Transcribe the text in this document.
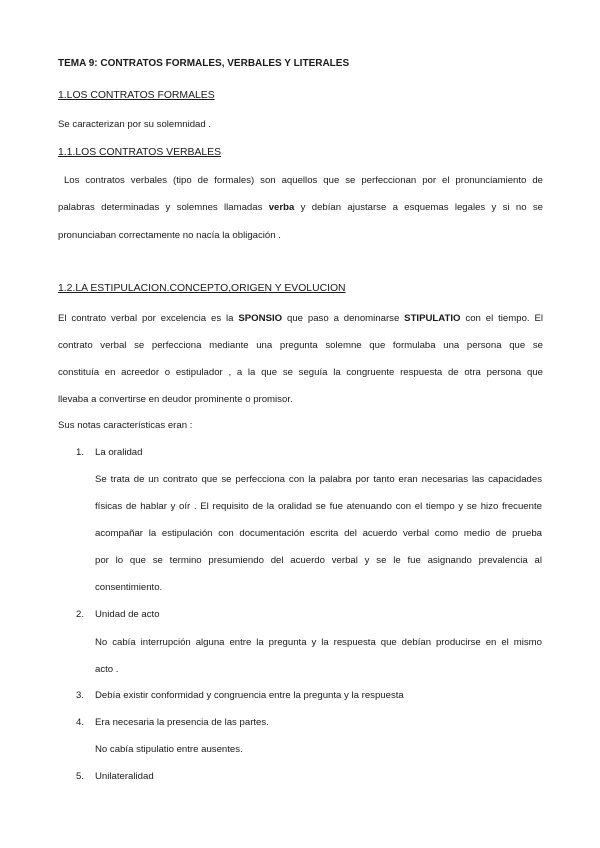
TEMA 9: CONTRATOS FORMALES, VERBALES Y LITERALES
1.LOS CONTRATOS FORMALES
Se caracterizan por su solemnidad .
1.1.LOS CONTRATOS VERBALES
Los contratos verbales (tipo de formales) son aquellos que se perfeccionan por el pronunciamiento de
palabras determinadas y solemnes llamadas verba y debían ajustarse a esquemas legales y si no se
pronunciaban correctamente no nacía la obligación .
1.2.LA ESTIPULACION.CONCEPTO,ORIGEN Y EVOLUCION
El contrato verbal por excelencia es la SPONSIO que paso a denominarse STIPULATIO con el tiempo. El
contrato verbal se perfecciona mediante una pregunta solemne que formulaba una persona que se
constituía en acreedor o estipulador , a la que se seguía la congruente respuesta de otra persona que
llevaba a convertirse en deudor prominente o promisor.
Sus notas características eran :
1. La oralidad
Se trata de un contrato que se perfecciona con la palabra por tanto eran necesarias las capacidades
físicas de hablar y oír . El requisito de la oralidad se fue atenuando con el tiempo y se hizo frecuente
acompañar la estipulación con documentación escrita del acuerdo verbal como medio de prueba
por lo que se termino presumiendo del acuerdo verbal y se le fue asignando prevalencia al
consentimiento.
2. Unidad de acto
No cabía interrupción alguna entre la pregunta y la respuesta que debían producirse en el mismo
acto .
3. Debía existir conformidad y congruencia entre la pregunta y la respuesta
4. Era necesaria la presencia de las partes.
No cabía stipulatio entre ausentes.
5. Unilateralidad
